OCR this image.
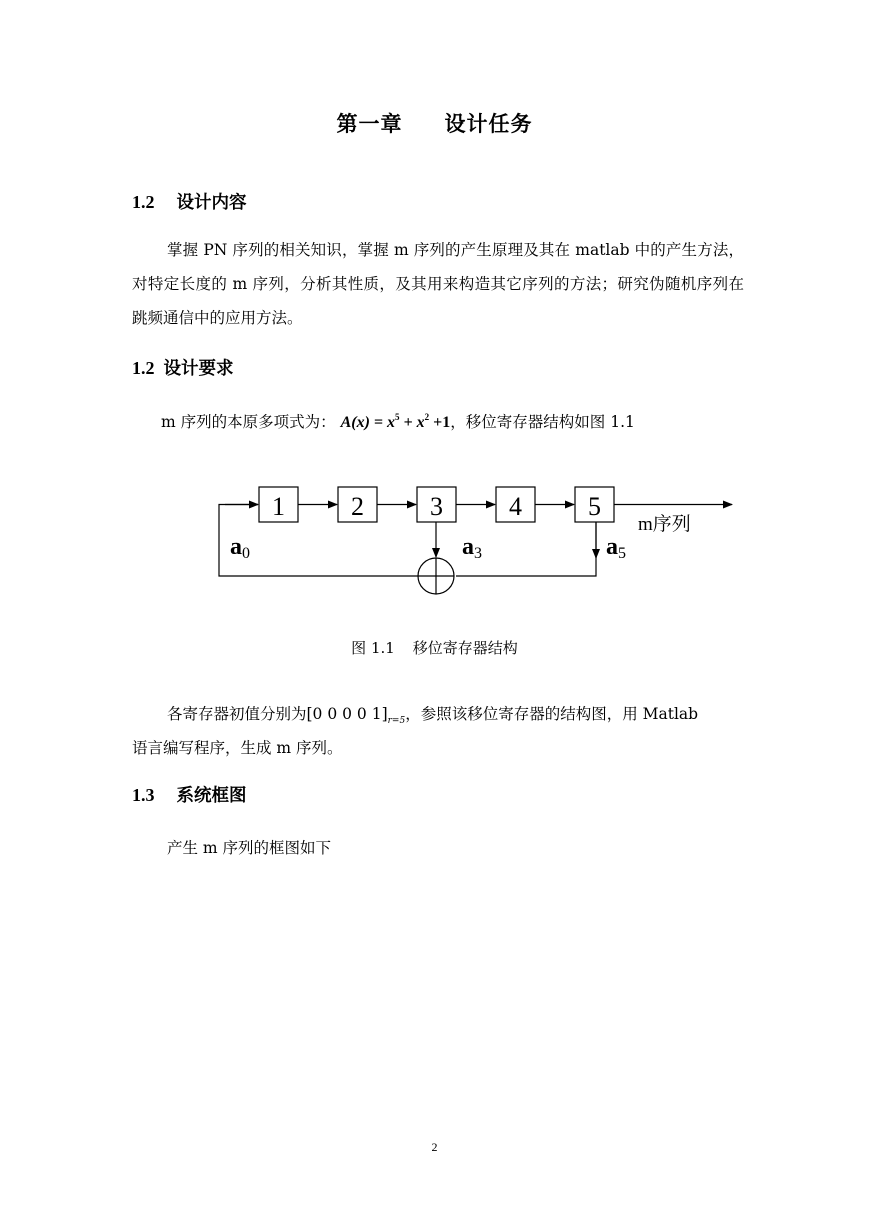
第一章 设计任务
1.2 设计内容
掌握 PN 序列的相关知识，掌握 m 序列的产生原理及其在 matlab 中的产生方法，对特定长度的 m 序列，分析其性质，及其用来构造其它序列的方法；研究伪随机序列在跳频通信中的应用方法。
1.2 设计要求
m 序列的本原多项式为： $A(x) = x^5 + x^2 +1$，移位寄存器结构如图 1.1
1	2	3	4	5
m序列
a0	a3	a5
图 1.1 移位寄存器结构
各寄存器初值分别为[0 0 0 0 $1]_{r=5}$，参照该移位寄存器的结构图，用 Matlab
语言编写程序，生成 m 序列。
1.3 系统框图
产生 m 序列的框图如下
2
